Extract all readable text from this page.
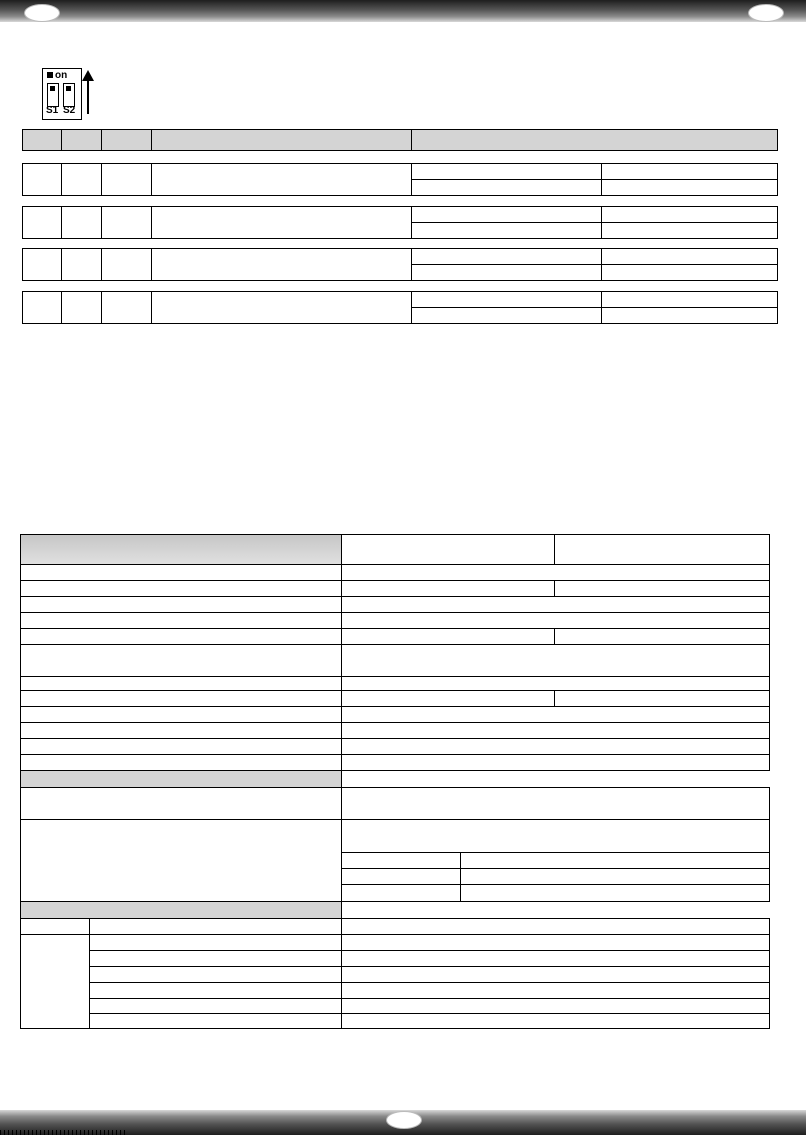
on
S1 S2
